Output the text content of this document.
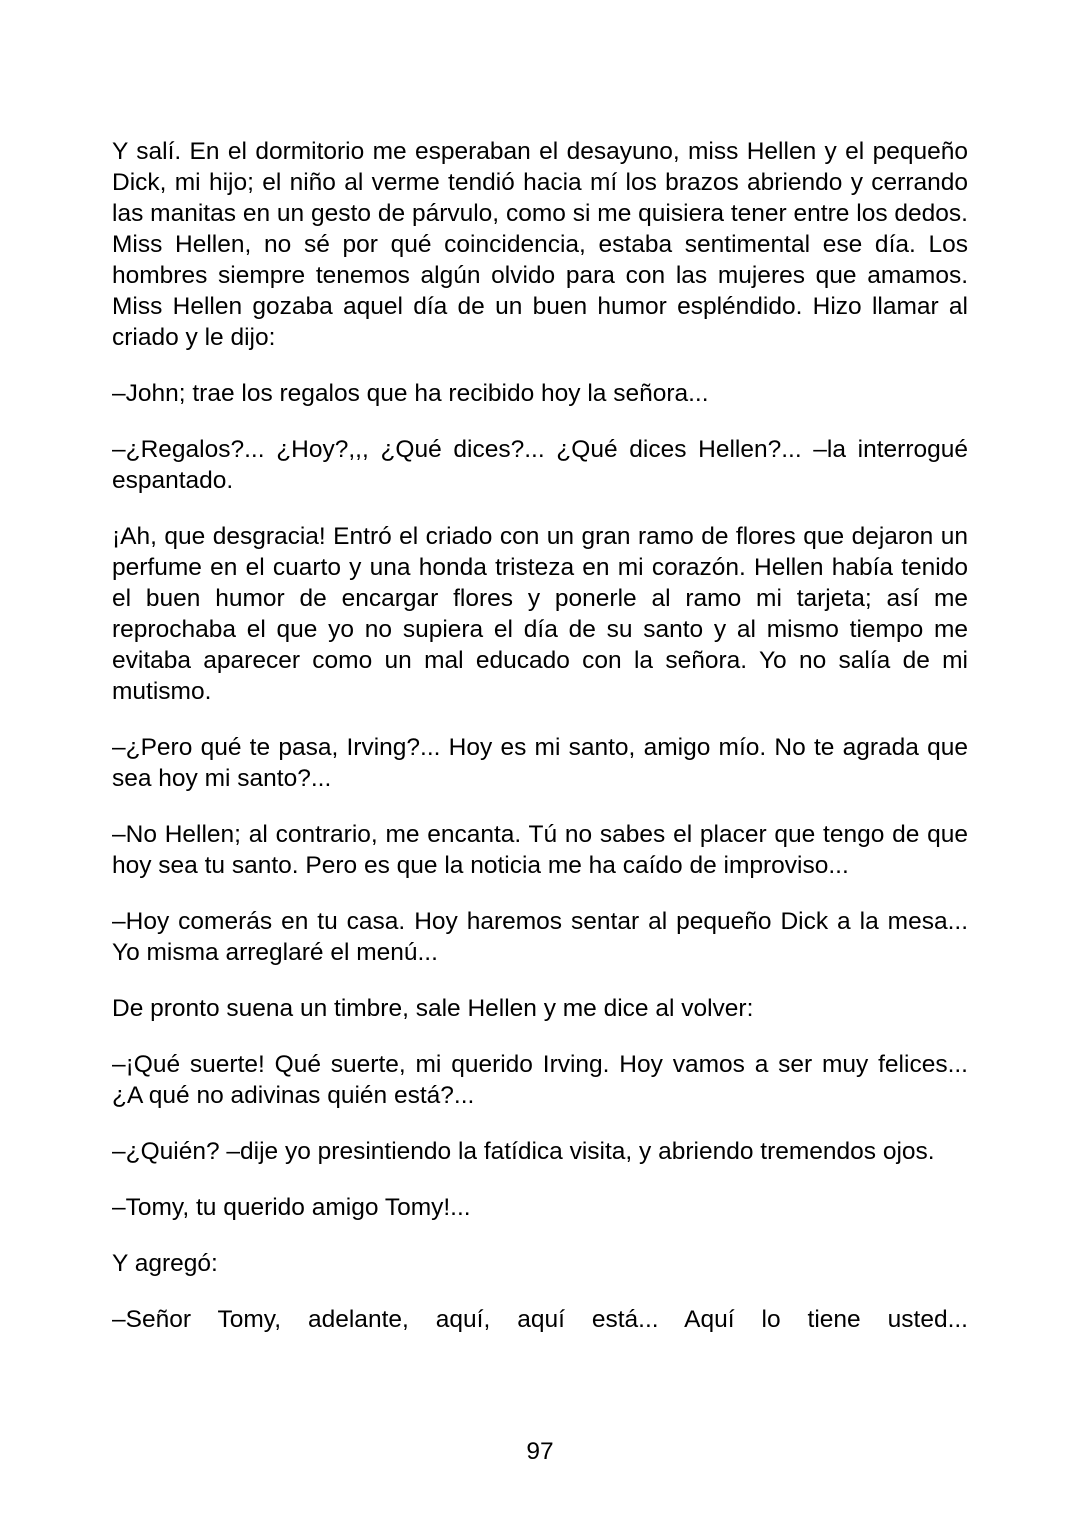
Y salí. En el dormitorio me esperaban el desayuno, miss Hellen y el pequeño Dick, mi hijo; el niño al verme tendió hacia mí los brazos abriendo y cerrando las manitas en un gesto de párvulo, como si me quisiera tener entre los dedos. Miss Hellen, no sé por qué coincidencia, estaba sentimental ese día. Los hombres siempre tenemos algún olvido para con las mujeres que amamos. Miss Hellen gozaba aquel día de un buen humor espléndido. Hizo llamar al criado y le dijo:

–John; trae los regalos que ha recibido hoy la señora...

–¿Regalos?... ¿Hoy?,,, ¿Qué dices?... ¿Qué dices Hellen?... –la interrogué espantado.

¡Ah, que desgracia! Entró el criado con un gran ramo de flores que dejaron un perfume en el cuarto y una honda tristeza en mi corazón. Hellen había tenido el buen humor de encargar flores y ponerle al ramo mi tarjeta; así me reprochaba el que yo no supiera el día de su santo y al mismo tiempo me evitaba aparecer como un mal educado con la señora. Yo no salía de mi mutismo.

–¿Pero qué te pasa, Irving?... Hoy es mi santo, amigo mío. No te agrada que sea hoy mi santo?...

–No Hellen; al contrario, me encanta. Tú no sabes el placer que tengo de que hoy sea tu santo. Pero es que la noticia me ha caído de improviso...

–Hoy comerás en tu casa. Hoy haremos sentar al pequeño Dick a la mesa... Yo misma arreglaré el menú...

De pronto suena un timbre, sale Hellen y me dice al volver:

–¡Qué suerte! Qué suerte, mi querido Irving. Hoy vamos a ser muy felices... ¿A qué no adivinas quién está?...

–¿Quién? –dije yo presintiendo la fatídica visita, y abriendo tremendos ojos.

–Tomy, tu querido amigo Tomy!...

Y agregó:

–Señor Tomy, adelante, aquí, aquí está... Aquí lo tiene usted...

97
